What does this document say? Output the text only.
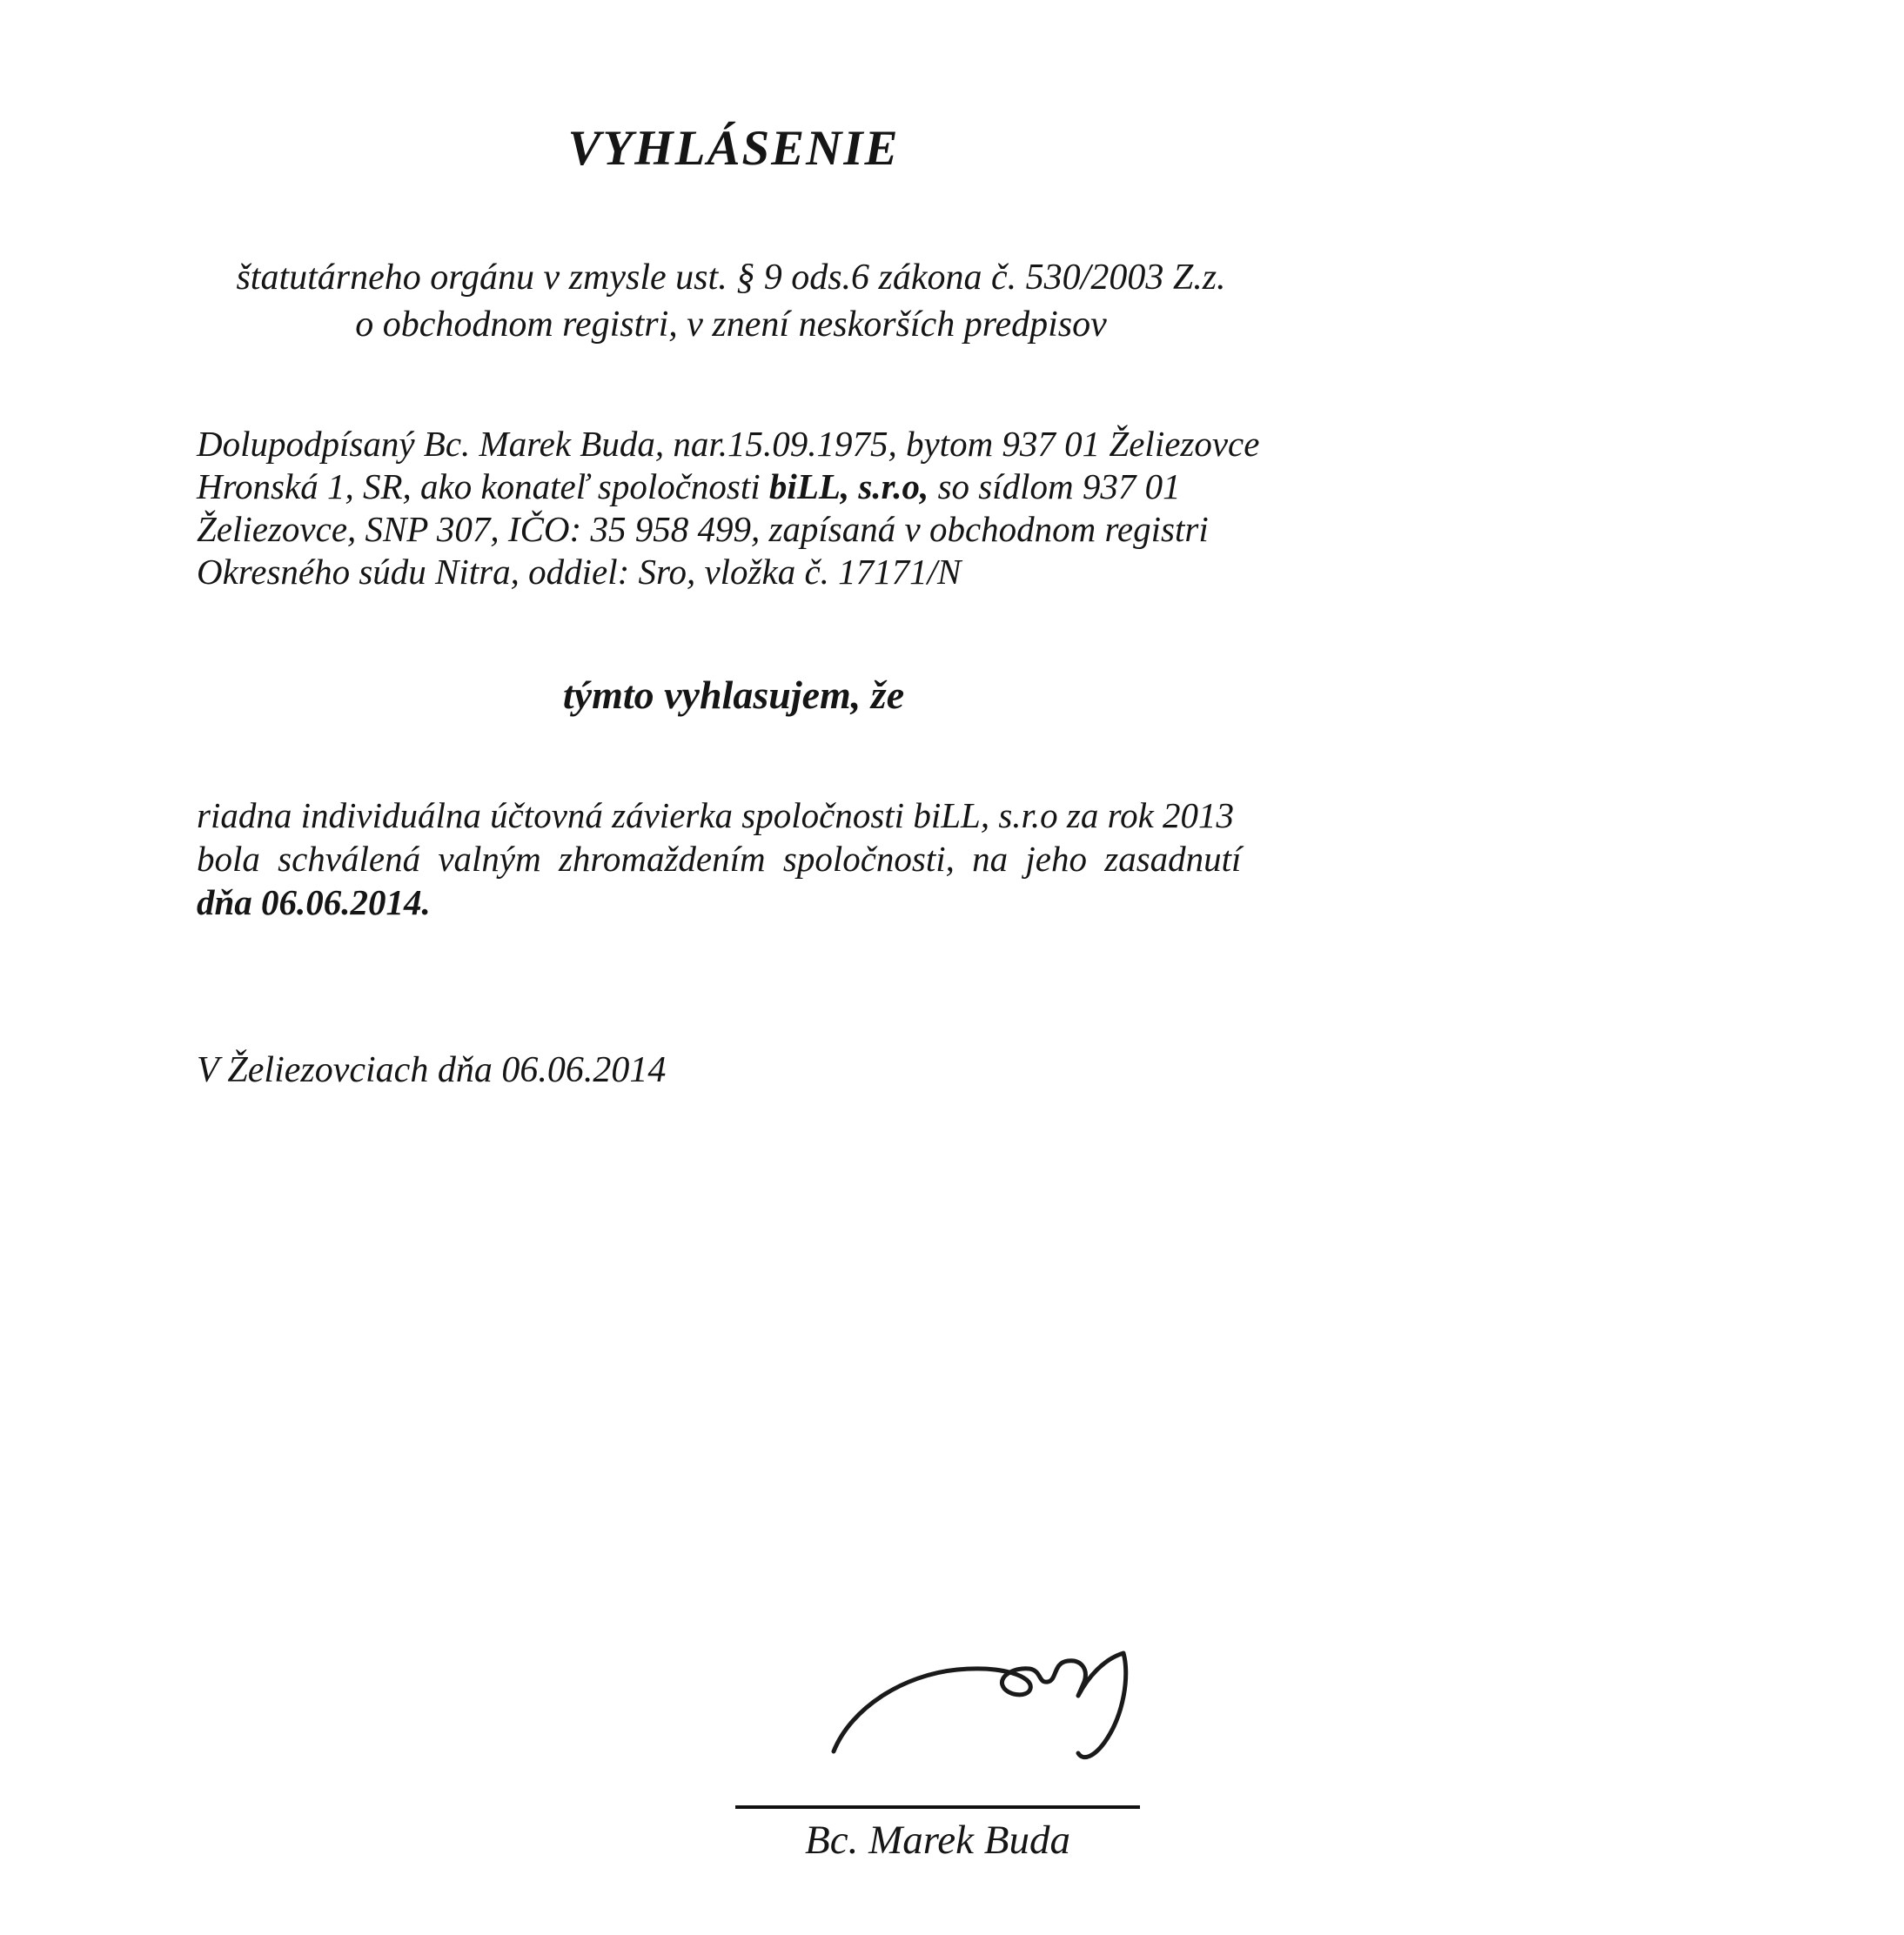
VYHLÁSENIE
štatutárneho orgánu v zmysle ust. § 9 ods.6 zákona č. 530/2003 Z.z.
o obchodnom registri, v znení neskorších predpisov
Dolupodpísaný Bc. Marek Buda, nar.15.09.1975, bytom 937 01 Želiezovce
Hronská 1, SR, ako konateľ spoločnosti biLL, s.r.o, so sídlom 937 01
Želiezovce, SNP 307, IČO: 35 958 499, zapísaná v obchodnom registri
Okresného súdu Nitra, oddiel: Sro, vložka č. 17171/N
týmto vyhlasujem, že
riadna individuálna účtovná závierka spoločnosti biLL, s.r.o za rok 2013
bola schválená valným zhromaždením spoločnosti, na jeho zasadnutí
dňa 06.06.2014.
V Želiezovciach dňa 06.06.2014
Bc. Marek Buda
